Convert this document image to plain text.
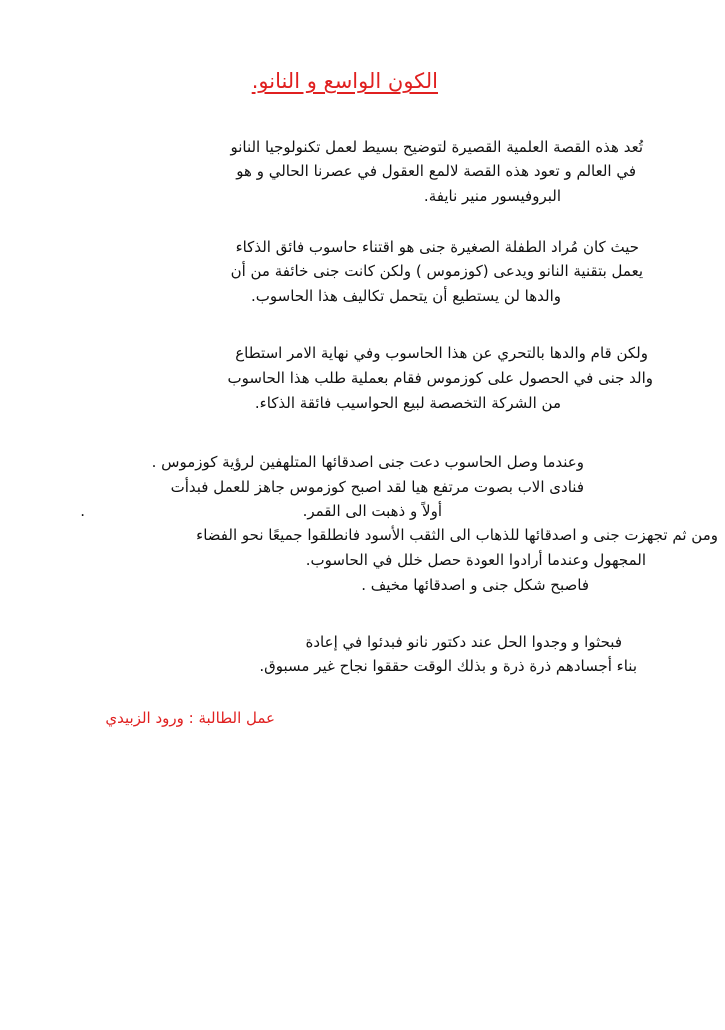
الكون الواسع و النانو.
تُعد هذه القصة العلمية القصيرة لتوضيح بسيط لعمل تكنولوجيا النانو
في العالم و تعود هذه القصة لالمع العقول في عصرنا الحالي و هو
البروفيسور منير نايفة.
حيث كان مُراد الطفلة الصغيرة جنى هو اقتناء حاسوب فائق الذكاء
يعمل بتقنية النانو ويدعى (كوزموس ) ولكن كانت جنى خائفة من أن
والدها لن يستطيع أن يتحمل تكاليف هذا الحاسوب.
ولكن قام والدها بالتحري عن هذا الحاسوب وفي نهاية الامر استطاع
والد جنى في الحصول على كوزموس فقام بعملية طلب هذا الحاسوب
من الشركة التخصصة لبيع الحواسيب فائقة الذكاء.
وعندما وصل الحاسوب دعت جنى اصدقائها المتلهفين لرؤية كوزموس .
فنادى الاب بصوت مرتفع هيا لقد اصبح كوزموس جاهز للعمل فبدأت
أولاً و ذهبت الى القمر.
.
ومن ثم تجهزت جنى و اصدقائها للذهاب الى الثقب الأسود فانطلقوا جميعًا نحو الفضاء
المجهول وعندما أرادوا العودة حصل خلل في الحاسوب.
فاصبح شكل جنى و اصدقائها مخيف .
فبحثوا و وجدوا الحل عند دكتور نانو فبدئوا في إعادة
بناء أجسادهم ذرة ذرة و بذلك الوقت حققوا نجاح غير مسبوق.
عمل الطالبة : ورود الزبيدي
